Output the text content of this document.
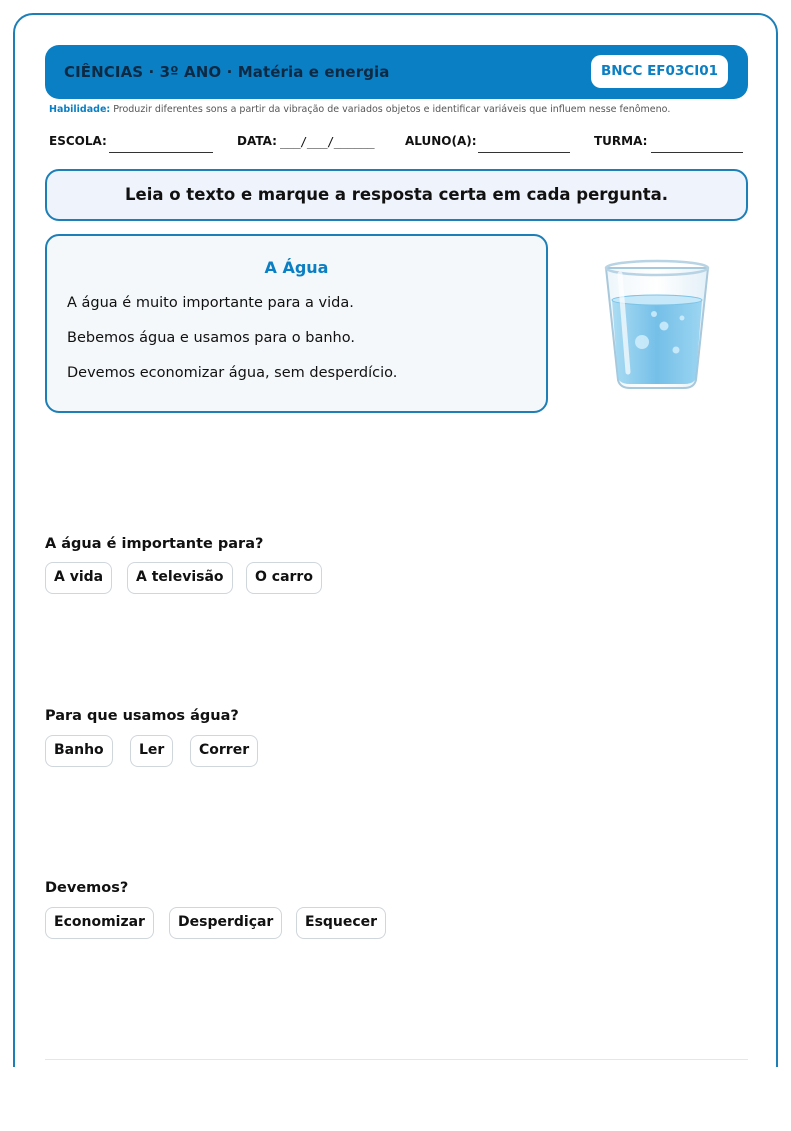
CIÊNCIAS · 3º ANO · Matéria e energia	BNCC EF03CI01
Habilidade: Produzir diferentes sons a partir da vibração de variados objetos e identificar variáveis que influem nesse fenômeno.
ESCOLA:	DATA: ___/___/______	ALUNO(A):	TURMA:
Leia o texto e marque a resposta certa em cada pergunta.
A Água
A água é muito importante para a vida.
Bebemos água e usamos para o banho.
Devemos economizar água, sem desperdício.
A água é importante para?
A vida	A televisão	O carro
Para que usamos água?
Banho	Ler	Correr
Devemos?
Economizar	Desperdiçar	Esquecer
